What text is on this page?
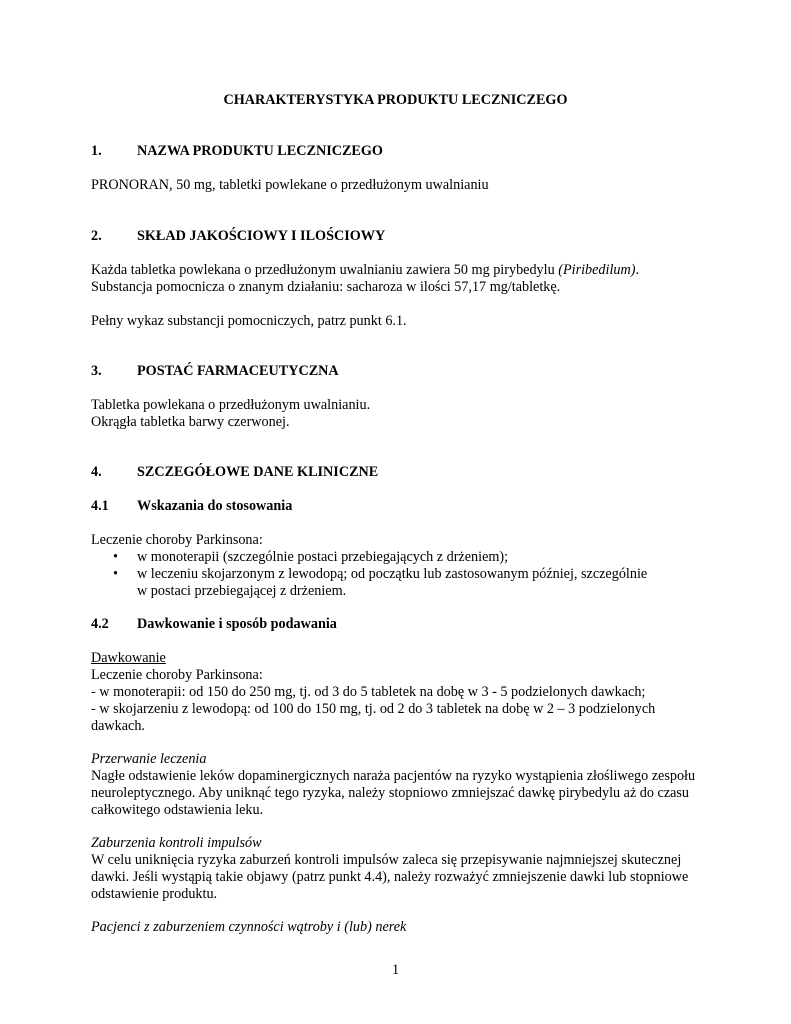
CHARAKTERYSTYKA PRODUKTU LECZNICZEGO

1. NAZWA PRODUKTU LECZNICZEGO

PRONORAN, 50 mg, tabletki powlekane o przedłużonym uwalnianiu

2. SKŁAD JAKOŚCIOWY I ILOŚCIOWY

Każda tabletka powlekana o przedłużonym uwalnianiu zawiera 50 mg pirybedylu (Piribedilum).

Substancja pomocnicza o znanym działaniu: sacharoza w ilości 57,17 mg/tabletkę.

Pełny wykaz substancji pomocniczych, patrz punkt 6.1.

3. POSTAĆ FARMACEUTYCZNA

Tabletka powlekana o przedłużonym uwalnianiu.

Okrągła tabletka barwy czerwonej.

4. SZCZEGÓŁOWE DANE KLINICZNE

4.1 Wskazania do stosowania

Leczenie choroby Parkinsona:

• w monoterapii (szczególnie postaci przebiegających z drżeniem);

• w leczeniu skojarzonym z lewodopą; od początku lub zastosowanym później, szczególnie

w postaci przebiegającej z drżeniem.

4.2 Dawkowanie i sposób podawania

Dawkowanie

Leczenie choroby Parkinsona:

- w monoterapii: od 150 do 250 mg, tj. od 3 do 5 tabletek na dobę w 3 - 5 podzielonych dawkach;

- w skojarzeniu z lewodopą: od 100 do 150 mg, tj. od 2 do 3 tabletek na dobę w 2 – 3 podzielonych

dawkach.

Przerwanie leczenia

Nagłe odstawienie leków dopaminergicznych naraża pacjentów na ryzyko wystąpienia złośliwego zespołu

neuroleptycznego. Aby uniknąć tego ryzyka, należy stopniowo zmniejszać dawkę pirybedylu aż do czasu

całkowitego odstawienia leku.

Zaburzenia kontroli impulsów

W celu uniknięcia ryzyka zaburzeń kontroli impulsów zaleca się przepisywanie najmniejszej skutecznej

dawki. Jeśli wystąpią takie objawy (patrz punkt 4.4), należy rozważyć zmniejszenie dawki lub stopniowe

odstawienie produktu.

Pacjenci z zaburzeniem czynności wątroby i (lub) nerek

1
